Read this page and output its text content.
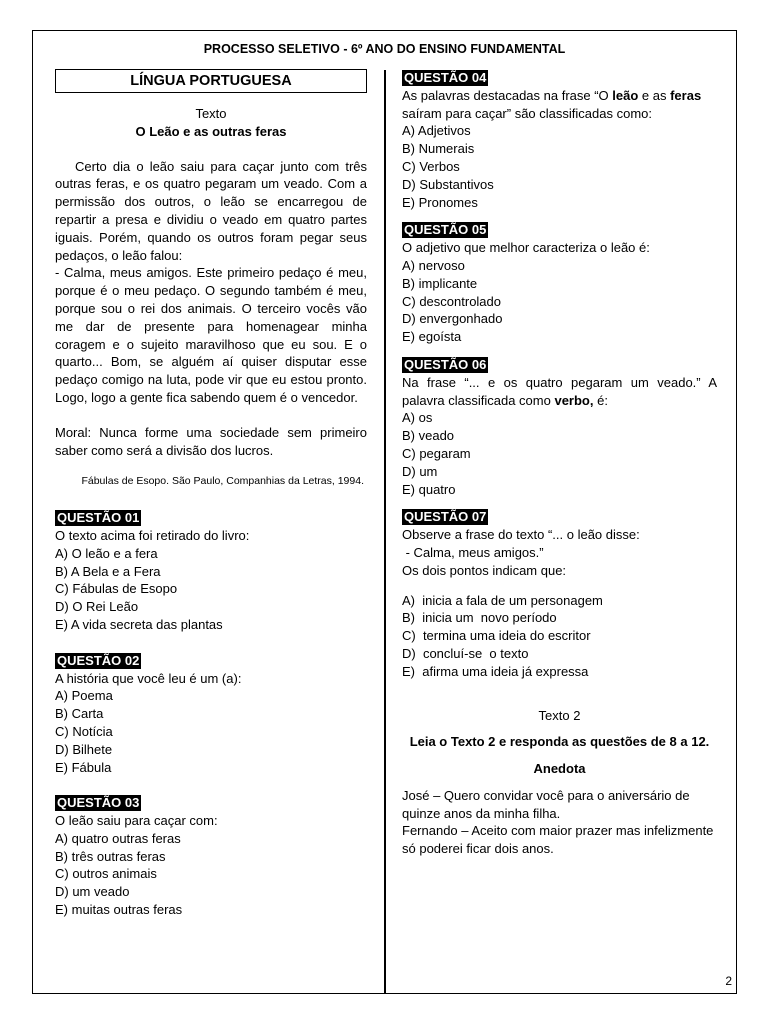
PROCESSO SELETIVO - 6º ANO DO ENSINO FUNDAMENTAL
LÍNGUA PORTUGUESA
Texto
O Leão e as outras feras
Certo dia o leão saiu para caçar junto com três outras feras, e os quatro pegaram um veado. Com a permissão dos outros, o leão se encarregou de repartir a presa e dividiu o veado em quatro partes iguais. Porém, quando os outros foram pegar seus pedaços, o leão falou:
- Calma, meus amigos. Este primeiro pedaço é meu, porque é o meu pedaço. O segundo também é meu, porque sou o rei dos animais. O terceiro vocês vão me dar de presente para homenagear minha coragem e o sujeito maravilhoso que eu sou. E o quarto... Bom, se alguém aí quiser disputar esse pedaço comigo na luta, pode vir que eu estou pronto. Logo, logo a gente fica sabendo quem é o vencedor.
Moral: Nunca forme uma sociedade sem primeiro saber como será a divisão dos lucros.
Fábulas de Esopo. São Paulo, Companhias da Letras, 1994.
QUESTÃO 01
O texto acima foi retirado do livro:
A) O leão e a fera
B) A Bela e a Fera
C) Fábulas de Esopo
D) O Rei Leão
E) A vida secreta das plantas
QUESTÃO 02
A história que você leu é um (a):
A) Poema
B) Carta
C) Notícia
D) Bilhete
E) Fábula
QUESTÃO 03
O leão saiu para caçar com:
A) quatro outras feras
B) três outras feras
C) outros animais
D) um veado
E) muitas outras feras
QUESTÃO 04
As palavras destacadas na frase “O leão e as feras saíram para caçar” são classificadas como:
A) Adjetivos
B) Numerais
C) Verbos
D) Substantivos
E) Pronomes
QUESTÃO 05
O adjetivo que melhor caracteriza o leão é:
A) nervoso
B) implicante
C) descontrolado
D) envergonhado
E) egoísta
QUESTÃO 06
Na frase “... e os quatro pegaram um veado.” A palavra classificada como verbo, é:
A) os
B) veado
C) pegaram
D) um
E) quatro
QUESTÃO 07
Observe a frase do texto “... o leão disse:
- Calma, meus amigos.”
Os dois pontos indicam que:
A)  inicia a fala de um personagem
B)  inicia um  novo período
C)  termina uma ideia do escritor
D)  concluí-se  o texto
E)  afirma uma ideia já expressa
Texto 2
Leia o Texto 2 e responda as questões de 8 a 12.
Anedota
José – Quero convidar você para o aniversário de quinze anos da minha filha.
Fernando – Aceito com maior prazer mas infelizmente só poderei ficar dois anos.
2
